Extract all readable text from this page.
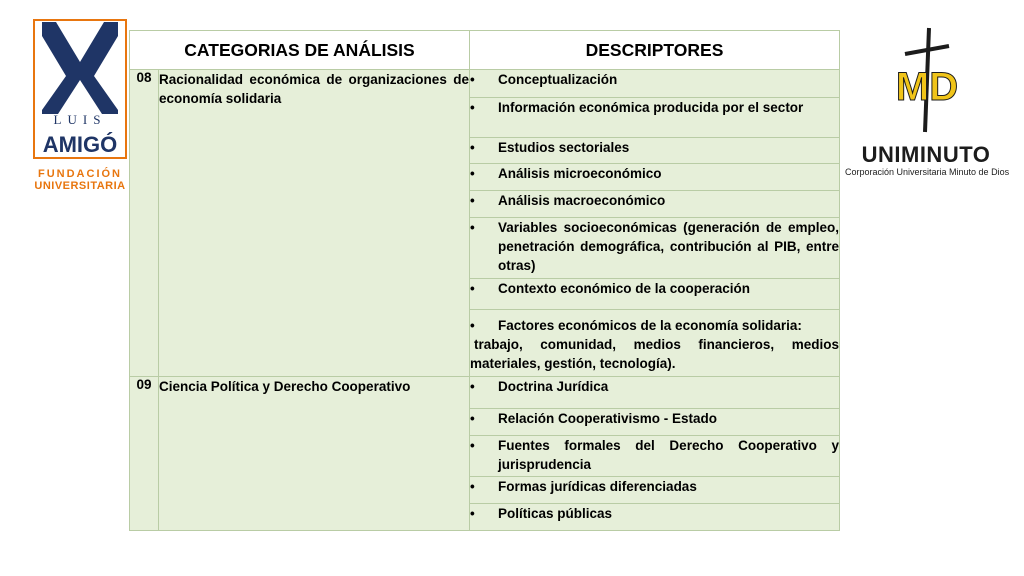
LUIS
AMIGÓ
FUNDACIÓN
UNIVERSITARIA
MD
UNIMINUTO
Corporación Universitaria Minuto de Dios
CATEGORIAS DE ANÁLISIS		DESCRIPTORES
08	Racionalidad económica de organizaciones de economía solidaria	• Conceptualización

		• Información económica producida por el sector

		• Estudios sectoriales

		• Análisis microeconómico

		• Análisis macroeconómico

		• Variables socioeconómicas (generación de empleo, penetración demográfica, contribución al PIB, entre otras)

		• Contexto económico de la cooperación

		• Factores económicos de la economía solidaria:
trabajo, comunidad, medios financieros, medios materiales, gestión, tecnología).

09	Ciencia Política y Derecho Cooperativo	• Doctrina Jurídica

		• Relación Cooperativismo - Estado

		• Fuentes formales del Derecho Cooperativo y jurisprudencia

		• Formas jurídicas diferenciadas

		• Políticas públicas
